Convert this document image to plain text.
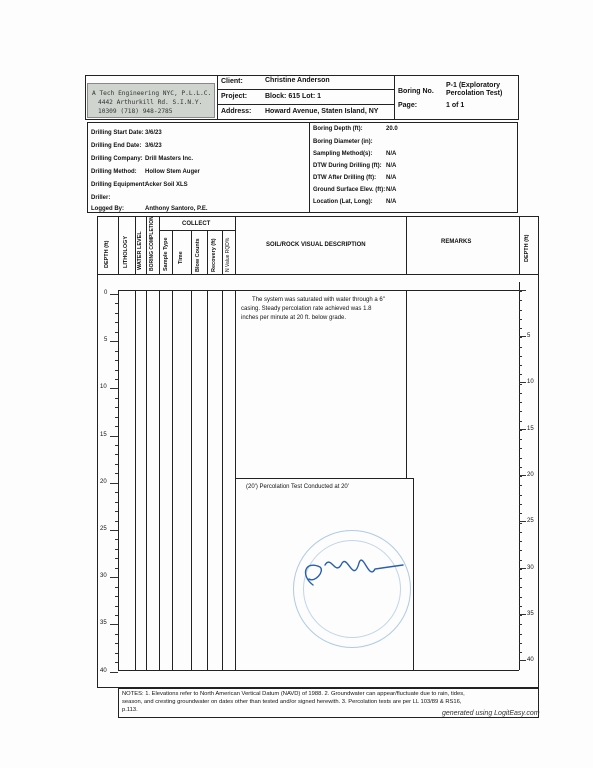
A Tech Engineering NYC, P.L.L.C.
4442 Arthurkill Rd. S.I.N.Y.
10309 (718) 948-2785
Client:	Christine Anderson
Project:	Block: 615 Lot: 1
Address: Howard Avenue, Staten Island, NY
Boring No.
P-1 (Exploratory
Percolation Test)
Page:	1 of 1
Drilling Start Date: 3/6/23
Drilling End Date: 3/6/23
Drilling Company: Drill Masters Inc.
Drilling Method: Hollow Stem Auger
Drilling Equipment:
Acker Soil XLS
Driller:
Logged By:	Anthony Santoro, P.E.
Boring Depth (ft):	20.0
Boring Diameter (in):
Sampling Method(s): N/A
DTW During Drilling (ft): N/A
DTW After Drilling (ft): N/A
Ground Surface Elev. (ft): N/A
Location (Lat, Long): N/A
DEPTH (ft) LITHOLOGY WATER LEVEL BORING COMPLETION	COLLECT
Sample Type Time Blow Counts Recovery (ft) N Value RQD%	SOIL/ROCK VISUAL DESCRIPTION	REMARKS	DEPTH (ft)
0
5
10
15
20
25
30
35
40
5
10
15
20
25
30
35
40
The system was saturated with water through a 6"
casing. Steady percolation rate achieved was 1.8
inches per minute at 20 ft. below grade.
(20') Percolation Test Conducted at 20'
NOTES: 1. Elevations refer to North American Vertical Datum (NAVD) of 1988. 2. Groundwater can appear/fluctuate due to rain, tides,
season, and cresting groundwater on dates other than tested and/or signed herewith. 3. Percolation tests are per LL 103/89 & RS16,
p.113.	generated using LogitEasy.com
